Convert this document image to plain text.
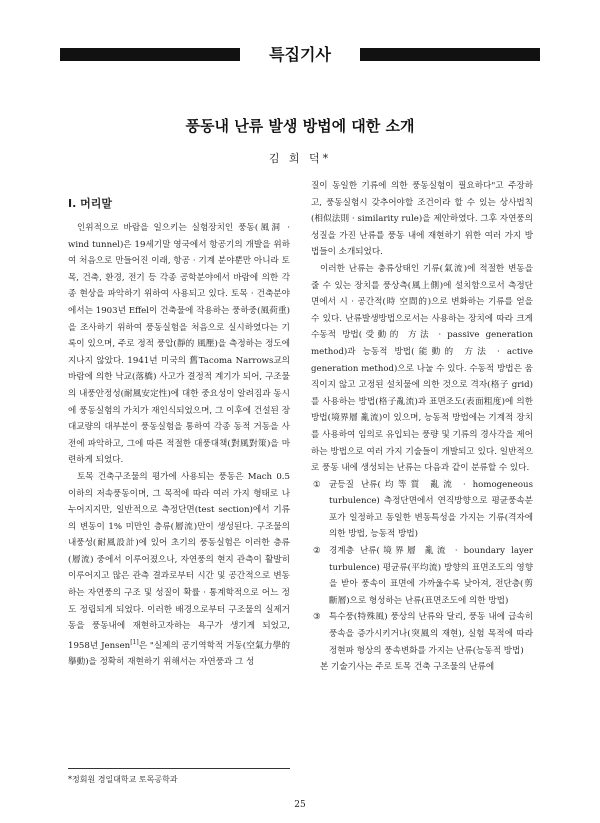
특집기사
풍동내 난류 발생 방법에 대한 소개
김 희 덕*
I. 머리말

인위적으로 바람을 일으키는 실험장치인 풍동(風洞 · wind tunnel)은 19세기말 영국에서 항공기의 개발을 위하여 처음으로 만들어진 이래, 항공 · 기계 분야뿐만 아니라 토목, 건축, 환경, 전기 등 각종 공학분야에서 바람에 의한 각종 현상을 파악하기 위하여 사용되고 있다. 토목 · 건축분야에서는 1903년 Effel이 건축물에 작용하는 풍하중(風荷重)을 조사하기 위하여 풍동실험을 처음으로 실시하였다는 기록이 있으며, 주로 정적 풍압(靜的 風壓)을 측정하는 정도에 지나지 않았다. 1941년 미국의 舊Tacoma Narrows교의 바람에 의한 낙교(落橋) 사고가 결정적 계기가 되어, 구조물의 내풍안정성(耐風安定性)에 대한 중요성이 알려짐과 동시에 풍동실험의 가치가 재인식되었으며, 그 이후에 건설된 장대교량의 대부분이 풍동실험을 통하여 각종 동적 거동을 사전에 파악하고, 그에 따른 적절한 대풍대책(對風對策)을 마련하게 되었다.

토목 건축구조물의 평가에 사용되는 풍동은 Mach 0.5 이하의 저속풍동이며, 그 목적에 따라 여러 가지 형태로 나누어지지만, 일반적으로 측정단면(test section)에서 기류의 변동이 1% 미만인 층류(層流)만이 생성된다. 구조물의 내풍성(耐風設計)에 있어 초기의 풍동실험은 이러한 층류(層流) 중에서 이루어졌으나, 자연풍의 현지 관측이 활발히 이루어지고 많은 관측 결과로부터 시간 및 공간적으로 변동하는 자연풍의 구조 및 성질이 확률 · 통계학적으로 어느 정도 정립되게 되었다. 이러한 배경으로부터 구조물의 실제거동을 풍동내에 재현하고자하는 욕구가 생기게 되었고, 1958년 Jensen[1]은 "실제의 공기역학적 거동(空氣力學的擧動)을 정확히 재현하기 위해서는 자연풍과 그 성

질이 동일한 기류에 의한 풍동실험이 필요하다"고 주장하고, 풍동실험시 갖추어야할 조건이라 할 수 있는 상사법칙(相似法則 · similarity rule)을 제안하였다. 그후 자연풍의 성질을 가진 난류를 풍동 내에 재현하기 위한 여러 가지 방법들이 소개되었다.

이러한 난류는 충류상태인 기류(氣流)에 적절한 변동을 줄 수 있는 장치를 풍상측(風上側)에 설치함으로서 측정단면에서 시 · 공간적(時 空間的)으로 변화하는 기류를 얻을 수 있다. 난류발생방법으로서는 사용하는 장치에 따라 크게 수동적 방법(受動的 方法 · passive generation method)과 능동적 방법(能動的 方法 · active generation method)으로 나눌 수 있다. 수동적 방법은 움직이지 않고 고정된 설치물에 의한 것으로 격자(格子 grid)를 사용하는 방법(格子亂流)과 표면조도(表面粗度)에 의한 방법(境界層 亂流)이 있으며, 능동적 방법에는 기계적 장치를 사용하여 임의로 유입되는 풍량 및 기류의 경사각을 제어하는 방법으로 여러 가지 기술들이 개발되고 있다. 일반적으로 풍동 내에 생성되는 난류는 다음과 같이 분류할 수 있다.

① 균등질 난류(均等質 亂流 · homogeneous turbulence) 측정단면에서 연직방향으로 평균풍속분포가 일정하고 동일한 변동특성을 가지는 기류(격자에 의한 방법, 능동적 방법)
② 경계층 난류(境界層 亂流 · boundary layer turbulence) 평균류(平均流) 방향의 표면조도의 영향을 받아 풍속이 표면에 가까울수록 낮아져, 전단층(剪斷層)으로 형성하는 난류(표면조도에 의한 방법)
③ 특수풍(特殊風) 풍상의 난류와 달리, 풍동 내에 급속히 풍속을 증가시키거나(突風의 재현), 실험 목적에 따라 정현파 형상의 풍속변화를 가지는 난류(능동적 방법)

본 기술기사는 주로 토목 건축 구조물의 난류에

*정회원 경일대학교 토목공학과
25
